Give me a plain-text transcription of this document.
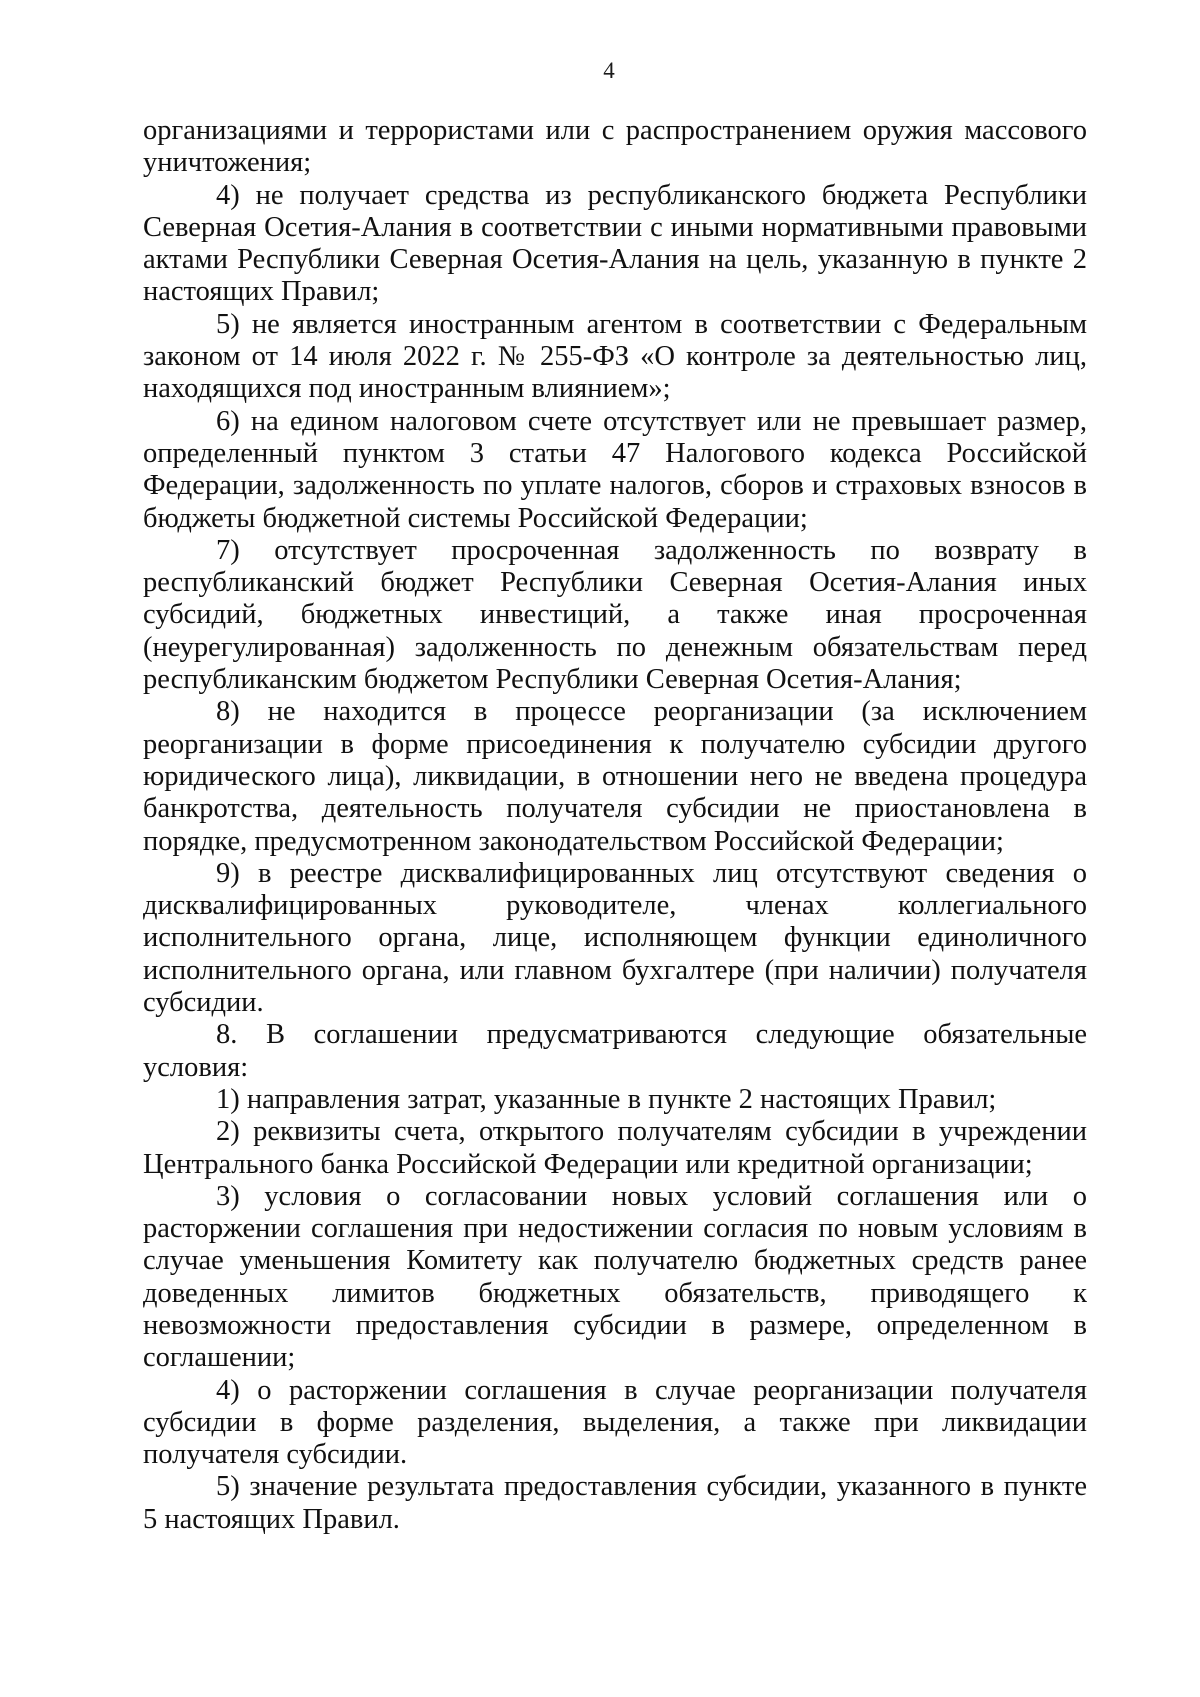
4

организациями и террористами или с распространением оружия массового уничтожения;

4) не получает средства из республиканского бюджета Республики Северная Осетия-Алания в соответствии с иными нормативными правовыми актами Республики Северная Осетия-Алания на цель, указанную в пункте 2 настоящих Правил;

5) не является иностранным агентом в соответствии с Федеральным законом от 14 июля 2022 г. № 255-ФЗ «О контроле за деятельностью лиц, находящихся под иностранным влиянием»;

6) на едином налоговом счете отсутствует или не превышает размер, определенный пунктом 3 статьи 47 Налогового кодекса Российской Федерации, задолженность по уплате налогов, сборов и страховых взносов в бюджеты бюджетной системы Российской Федерации;

7) отсутствует просроченная задолженность по возврату в республиканский бюджет Республики Северная Осетия-Алания иных субсидий, бюджетных инвестиций, а также иная просроченная (неурегулированная) задолженность по денежным обязательствам перед республиканским бюджетом Республики Северная Осетия-Алания;

8) не находится в процессе реорганизации (за исключением реорганизации в форме присоединения к получателю субсидии другого юридического лица), ликвидации, в отношении него не введена процедура банкротства, деятельность получателя субсидии не приостановлена в порядке, предусмотренном законодательством Российской Федерации;

9) в реестре дисквалифицированных лиц отсутствуют сведения о дисквалифицированных руководителе, членах коллегиального исполнительного органа, лице, исполняющем функции единоличного исполнительного органа, или главном бухгалтере (при наличии) получателя субсидии.

8. В соглашении предусматриваются следующие обязательные условия:

1) направления затрат, указанные в пункте 2 настоящих Правил;

2) реквизиты счета, открытого получателям субсидии в учреждении Центрального банка Российской Федерации или кредитной организации;

3) условия о согласовании новых условий соглашения или о расторжении соглашения при недостижении согласия по новым условиям в случае уменьшения Комитету как получателю бюджетных средств ранее доведенных лимитов бюджетных обязательств, приводящего к невозможности предоставления субсидии в размере, определенном в соглашении;

4) о расторжении соглашения в случае реорганизации получателя субсидии в форме разделения, выделения, а также при ликвидации получателя субсидии.

5) значение результата предоставления субсидии, указанного в пункте 5 настоящих Правил.
